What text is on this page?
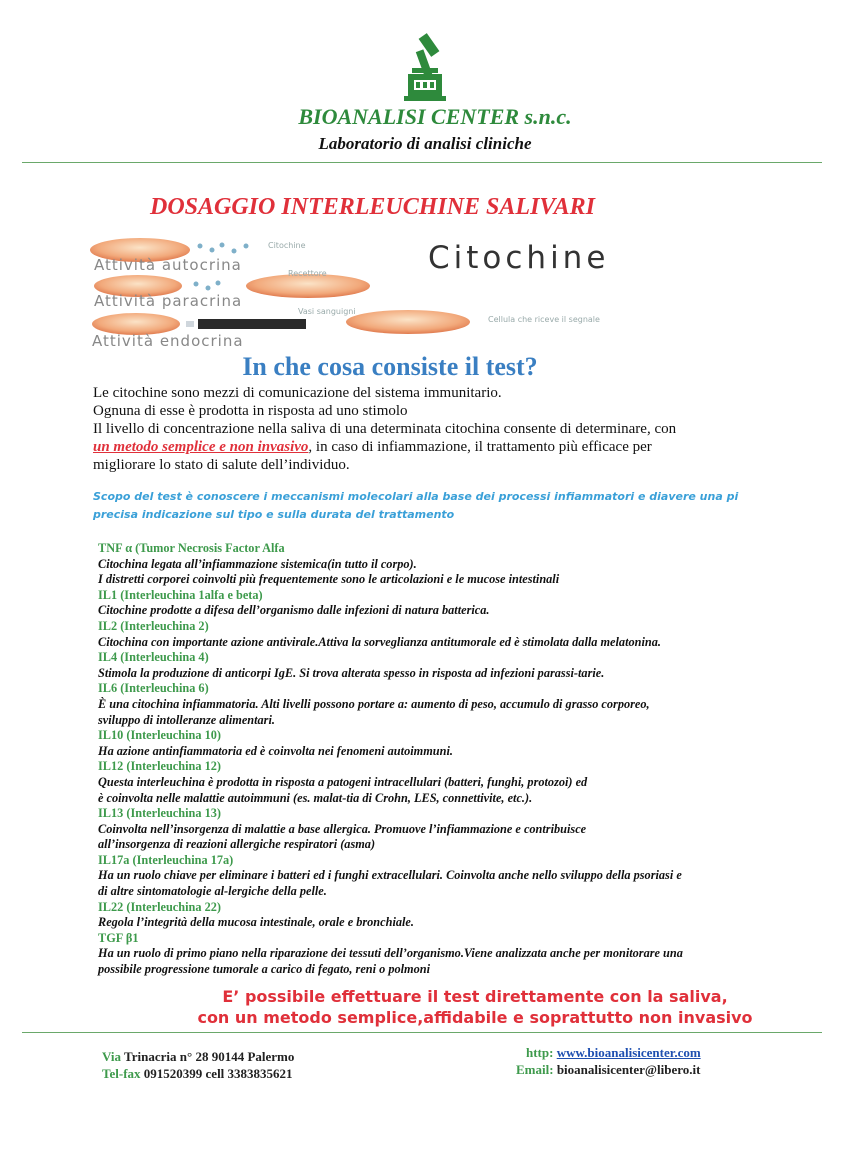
BIOANALISI CENTER s.n.c.
Laboratorio di analisi cliniche
DOSAGGIO INTERLEUCHINE SALIVARI
Citochine
Attività autocrina	Recettore
Attività paracrina
Vasi sanguigni
Cellula che riceve il segnale
Attività endocrina
Citochine
In che cosa consiste il test?

Le citochine sono mezzi di comunicazione del sistema immunitario.

Ognuna di esse è prodotta in risposta ad uno stimolo

Il livello di concentrazione nella saliva di una determinata citochina consente di determinare, con

un metodo semplice e non invasivo, in caso di infiammazione, il trattamento più efficace per

migliorare lo stato di salute dell’individuo.

Scopo del test è conoscere i meccanismi molecolari alla base dei processi infiammatori e diavere una pi precisa indicazione sul tipo e sulla durata del trattamento

TNF α (Tumor Necrosis Factor Alfa

Citochina legata all’infiammazione sistemica(in tutto il corpo).

I distretti corporei coinvolti più frequentemente sono le articolazioni e le mucose intestinali

IL1 (Interleuchina 1alfa e beta)

Citochine prodotte a difesa dell’organismo dalle infezioni di natura batterica.

IL2 (Interleuchina 2)

Citochina con importante azione antivirale.Attiva la sorveglianza antitumorale ed è stimolata dalla melatonina.

IL4 (Interleuchina 4)

Stimola la produzione di anticorpi IgE. Si trova alterata spesso in risposta ad infezioni parassi-tarie.

IL6 (Interleuchina 6)

È una citochina infiammatoria. Alti livelli possono portare a: aumento di peso, accumulo di grasso corporeo,

sviluppo di intolleranze alimentari.

IL10 (Interleuchina 10)

Ha azione antinfiammatoria ed è coinvolta nei fenomeni autoimmuni.

IL12 (Interleuchina 12)

Questa interleuchina è prodotta in risposta a patogeni intracellulari (batteri, funghi, protozoi) ed

è coinvolta nelle malattie autoimmuni (es. malat-tia di Crohn, LES, connettivite, etc.).

IL13 (Interleuchina 13)

Coinvolta nell’insorgenza di malattie a base allergica. Promuove l’infiammazione e contribuisce

all’insorgenza di reazioni allergiche respiratori (asma)

IL17a (Interleuchina 17a)

Ha un ruolo chiave per eliminare i batteri ed i funghi extracellulari. Coinvolta anche nello sviluppo della psoriasi e

di altre sintomatologie al-lergiche della pelle.

IL22 (Interleuchina 22)

Regola l’integrità della mucosa intestinale, orale e bronchiale.

TGF β1

Ha un ruolo di primo piano nella riparazione dei tessuti dell’organismo.Viene analizzata anche per monitorare una

possibile progressione tumorale a carico di fegato, reni o polmoni

E’ possibile effettuare il test direttamente con la saliva,
con un metodo semplice,affidabile e soprattutto non invasivo
Via Trinacria n° 28 90144 Palermo
Tel-fax 091520399 cell 3383835621
http: www.bioanalisicenter.com
Email: bioanalisicenter@libero.it
